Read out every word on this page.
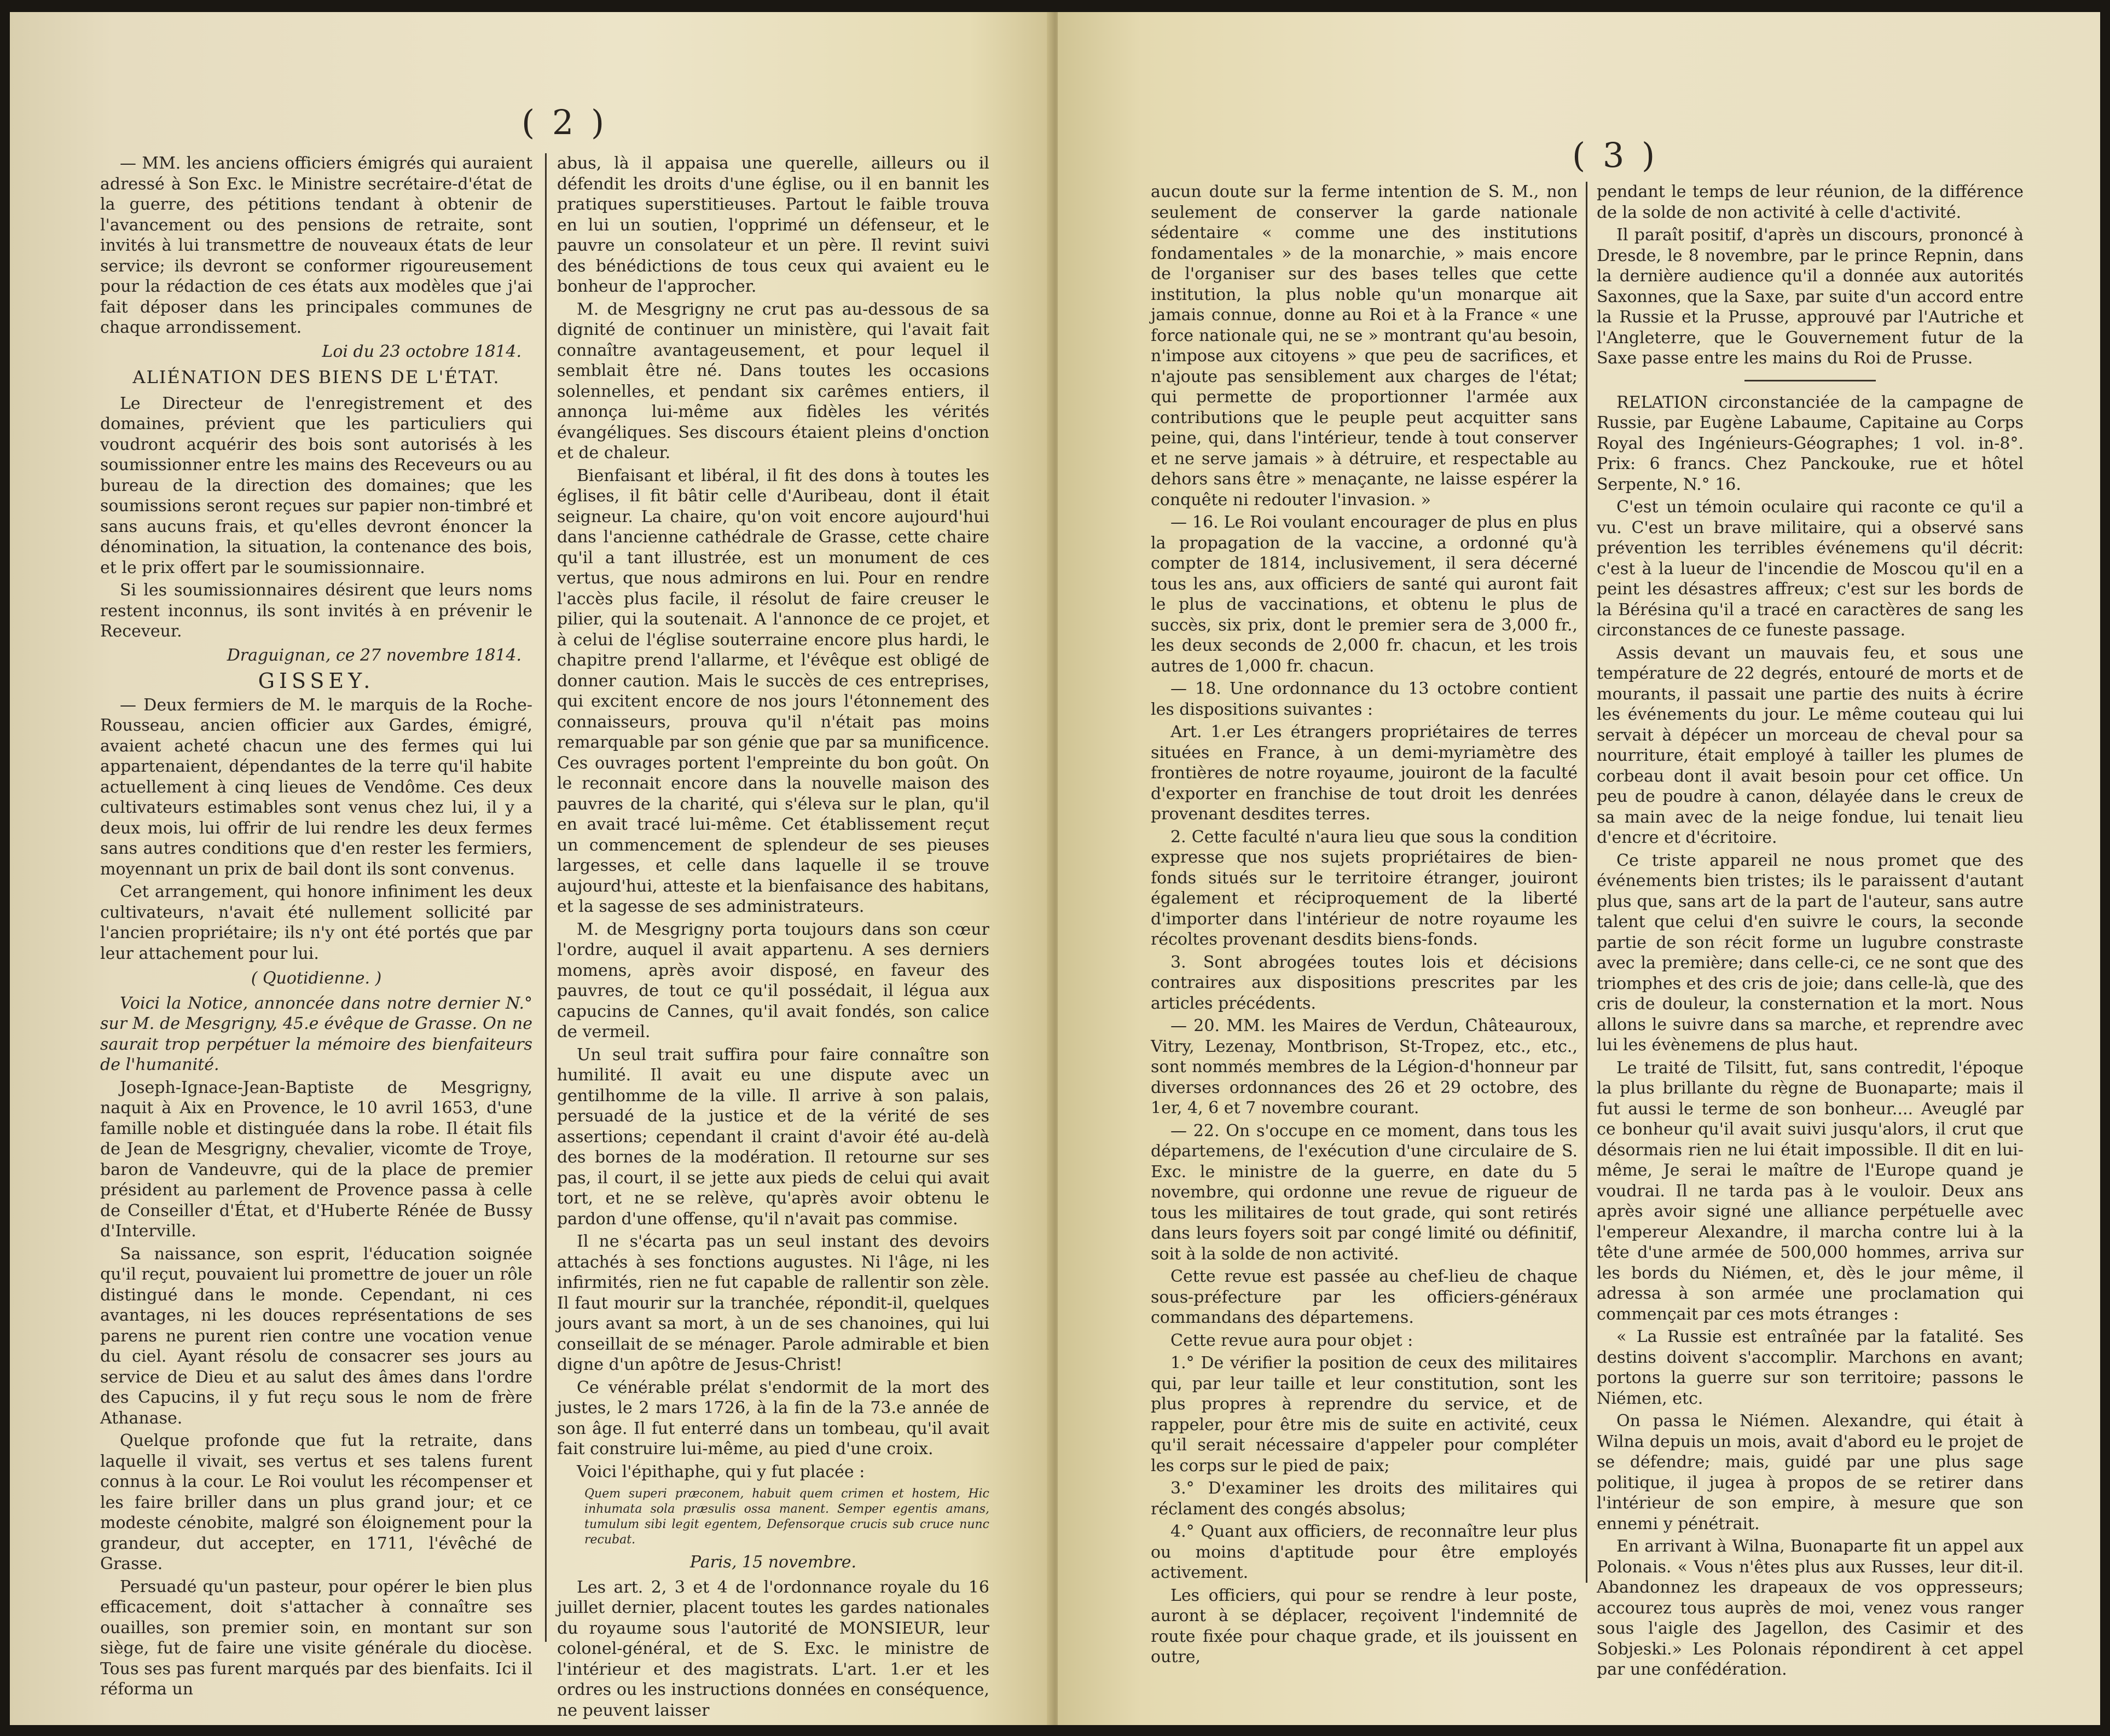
( 2 )

— MM. les anciens officiers émigrés qui auraient adressé à Son Exc. le Ministre secrétaire-d'état de la guerre, des pétitions tendant à obtenir de l'avancement ou des pensions de retraite, sont invités à lui transmettre de nouveaux états de leur service; ils devront se conformer rigoureusement pour la rédaction de ces états aux modèles que j'ai fait déposer dans les principales communes de chaque arrondissement.

Loi du 23 octobre 1814.

ALIÉNATION DES BIENS DE L'ÉTAT.

Le Directeur de l'enregistrement et des domaines, prévient que les particuliers qui voudront acquérir des bois sont autorisés à les soumissionner entre les mains des Receveurs ou au bureau de la direction des domaines; que les soumissions seront reçues sur papier non-timbré et sans aucuns frais, et qu'elles devront énoncer la dénomination, la situation, la contenance des bois, et le prix offert par le soumissionnaire.

Si les soumissionnaires désirent que leurs noms restent inconnus, ils sont invités à en prévenir le Receveur.

Draguignan, ce 27 novembre 1814.

GISSEY.

— Deux fermiers de M. le marquis de la Roche-Rousseau, ancien officier aux Gardes, émigré, avaient acheté chacun une des fermes qui lui appartenaient, dépendantes de la terre qu'il habite actuellement à cinq lieues de Vendôme. Ces deux cultivateurs estimables sont venus chez lui, il y a deux mois, lui offrir de lui rendre les deux fermes sans autres conditions que d'en rester les fermiers, moyennant un prix de bail dont ils sont convenus.

Cet arrangement, qui honore infiniment les deux cultivateurs, n'avait été nullement sollicité par l'ancien propriétaire; ils n'y ont été portés que par leur attachement pour lui.

( Quotidienne. )

Voici la Notice, annoncée dans notre dernier N.° sur M. de Mesgrigny, 45.e évêque de Grasse. On ne saurait trop perpétuer la mémoire des bienfaiteurs de l'humanité.

Joseph-Ignace-Jean-Baptiste de Mesgrigny, naquit à Aix en Provence, le 10 avril 1653, d'une famille noble et distinguée dans la robe. Il était fils de Jean de Mesgrigny, chevalier, vicomte de Troye, baron de Vandeuvre, qui de la place de premier président au parlement de Provence passa à celle de Conseiller d'État, et d'Huberte Rénée de Bussy d'Interville.

Sa naissance, son esprit, l'éducation soignée qu'il reçut, pouvaient lui promettre de jouer un rôle distingué dans le monde. Cependant, ni ces avantages, ni les douces représentations de ses parens ne purent rien contre une vocation venue du ciel. Ayant résolu de consacrer ses jours au service de Dieu et au salut des âmes dans l'ordre des Capucins, il y fut reçu sous le nom de frère Athanase.

Quelque profonde que fut la retraite, dans laquelle il vivait, ses vertus et ses talens furent connus à la cour. Le Roi voulut les récompenser et les faire briller dans un plus grand jour; et ce modeste cénobite, malgré son éloignement pour la grandeur, dut accepter, en 1711, l'évêché de Grasse.

Persuadé qu'un pasteur, pour opérer le bien plus efficacement, doit s'attacher à connaître ses ouailles, son premier soin, en montant sur son siège, fut de faire une visite générale du diocèse. Tous ses pas furent marqués par des bienfaits. Ici il réforma un

abus, là il appaisa une querelle, ailleurs ou il défendit les droits d'une église, ou il en bannit les pratiques superstitieuses. Partout le faible trouva en lui un soutien, l'opprimé un défenseur, et le pauvre un consolateur et un père. Il revint suivi des bénédictions de tous ceux qui avaient eu le bonheur de l'approcher.

M. de Mesgrigny ne crut pas au-dessous de sa dignité de continuer un ministère, qui l'avait fait connaître avantageusement, et pour lequel il semblait être né. Dans toutes les occasions solennelles, et pendant six carêmes entiers, il annonça lui-même aux fidèles les vérités évangéliques. Ses discours étaient pleins d'onction et de chaleur.

Bienfaisant et libéral, il fit des dons à toutes les églises, il fit bâtir celle d'Auribeau, dont il était seigneur. La chaire, qu'on voit encore aujourd'hui dans l'ancienne cathédrale de Grasse, cette chaire qu'il a tant illustrée, est un monument de ces vertus, que nous admirons en lui. Pour en rendre l'accès plus facile, il résolut de faire creuser le pilier, qui la soutenait. A l'annonce de ce projet, et à celui de l'église souterraine encore plus hardi, le chapitre prend l'allarme, et l'évêque est obligé de donner caution. Mais le succès de ces entreprises, qui excitent encore de nos jours l'étonnement des connaisseurs, prouva qu'il n'était pas moins remarquable par son génie que par sa munificence. Ces ouvrages portent l'empreinte du bon goût. On le reconnait encore dans la nouvelle maison des pauvres de la charité, qui s'éleva sur le plan, qu'il en avait tracé lui-même. Cet établissement reçut un commencement de splendeur de ses pieuses largesses, et celle dans laquelle il se trouve aujourd'hui, atteste et la bienfaisance des habitans, et la sagesse de ses administrateurs.

M. de Mesgrigny porta toujours dans son cœur l'ordre, auquel il avait appartenu. A ses derniers momens, après avoir disposé, en faveur des pauvres, de tout ce qu'il possédait, il légua aux capucins de Cannes, qu'il avait fondés, son calice de vermeil.

Un seul trait suffira pour faire connaître son humilité. Il avait eu une dispute avec un gentilhomme de la ville. Il arrive à son palais, persuadé de la justice et de la vérité de ses assertions; cependant il craint d'avoir été au-delà des bornes de la modération. Il retourne sur ses pas, il court, il se jette aux pieds de celui qui avait tort, et ne se relève, qu'après avoir obtenu le pardon d'une offense, qu'il n'avait pas commise.

Il ne s'écarta pas un seul instant des devoirs attachés à ses fonctions augustes. Ni l'âge, ni les infirmités, rien ne fut capable de rallentir son zèle. Il faut mourir sur la tranchée, répondit-il, quelques jours avant sa mort, à un de ses chanoines, qui lui conseillait de se ménager. Parole admirable et bien digne d'un apôtre de Jesus-Christ!

Ce vénérable prélat s'endormit de la mort des justes, le 2 mars 1726, à la fin de la 73.e année de son âge. Il fut enterré dans un tombeau, qu'il avait fait construire lui-même, au pied d'une croix.

Voici l'épithaphe, qui y fut placée :

Quem superi præconem, habuit quem crimen et hostem, Hic inhumata sola præsulis ossa manent. Semper egentis amans, tumulum sibi legit egentem, Defensorque crucis sub cruce nunc recubat.

Paris, 15 novembre.

Les art. 2, 3 et 4 de l'ordonnance royale du 16 juillet dernier, placent toutes les gardes nationales du royaume sous l'autorité de MONSIEUR, leur colonel-général, et de S. Exc. le ministre de l'intérieur et des magistrats. L'art. 1.er et les ordres ou les instructions données en conséquence, ne peuvent laisser

( 3 )

aucun doute sur la ferme intention de S. M., non seulement de conserver la garde nationale sédentaire « comme une des institutions fondamentales » de la monarchie, » mais encore de l'organiser sur des bases telles que cette institution, la plus noble qu'un monarque ait jamais connue, donne au Roi et à la France « une force nationale qui, ne se » montrant qu'au besoin, n'impose aux citoyens » que peu de sacrifices, et n'ajoute pas sensiblement aux charges de l'état; qui permette de proportionner l'armée aux contributions que le peuple peut acquitter sans peine, qui, dans l'intérieur, tende à tout conserver et ne serve jamais » à détruire, et respectable au dehors sans être » menaçante, ne laisse espérer la conquête ni redouter l'invasion. »

— 16. Le Roi voulant encourager de plus en plus la propagation de la vaccine, a ordonné qu'à compter de 1814, inclusivement, il sera décerné tous les ans, aux officiers de santé qui auront fait le plus de vaccinations, et obtenu le plus de succès, six prix, dont le premier sera de 3,000 fr., les deux seconds de 2,000 fr. chacun, et les trois autres de 1,000 fr. chacun.

— 18. Une ordonnance du 13 octobre contient les dispositions suivantes :

Art. 1.er Les étrangers propriétaires de terres situées en France, à un demi-myriamètre des frontières de notre royaume, jouiront de la faculté d'exporter en franchise de tout droit les denrées provenant desdites terres.

2. Cette faculté n'aura lieu que sous la condition expresse que nos sujets propriétaires de bien-fonds situés sur le territoire étranger, jouiront également et réciproquement de la liberté d'importer dans l'intérieur de notre royaume les récoltes provenant desdits biens-fonds.

3. Sont abrogées toutes lois et décisions contraires aux dispositions prescrites par les articles précédents.

— 20. MM. les Maires de Verdun, Châteauroux, Vitry, Lezenay, Montbrison, St-Tropez, etc., etc., sont nommés membres de la Légion-d'honneur par diverses ordonnances des 26 et 29 octobre, des 1er, 4, 6 et 7 novembre courant.

— 22. On s'occupe en ce moment, dans tous les départemens, de l'exécution d'une circulaire de S. Exc. le ministre de la guerre, en date du 5 novembre, qui ordonne une revue de rigueur de tous les militaires de tout grade, qui sont retirés dans leurs foyers soit par congé limité ou définitif, soit à la solde de non activité.

Cette revue est passée au chef-lieu de chaque sous-préfecture par les officiers-généraux commandans des départemens.

Cette revue aura pour objet :

1.° De vérifier la position de ceux des militaires qui, par leur taille et leur constitution, sont les plus propres à reprendre du service, et de rappeler, pour être mis de suite en activité, ceux qu'il serait nécessaire d'appeler pour compléter les corps sur le pied de paix;

3.° D'examiner les droits des militaires qui réclament des congés absolus;

4.° Quant aux officiers, de reconnaître leur plus ou moins d'aptitude pour être employés activement.

Les officiers, qui pour se rendre à leur poste, auront à se déplacer, reçoivent l'indemnité de route fixée pour chaque grade, et ils jouissent en outre,

pendant le temps de leur réunion, de la différence de la solde de non activité à celle d'activité.

Il paraît positif, d'après un discours, prononcé à Dresde, le 8 novembre, par le prince Repnin, dans la dernière audience qu'il a donnée aux autorités Saxonnes, que la Saxe, par suite d'un accord entre la Russie et la Prusse, approuvé par l'Autriche et l'Angleterre, que le Gouvernement futur de la Saxe passe entre les mains du Roi de Prusse.

RELATION circonstanciée de la campagne de Russie, par Eugène Labaume, Capitaine au Corps Royal des Ingénieurs-Géographes; 1 vol. in-8°. Prix: 6 francs. Chez Panckouke, rue et hôtel Serpente, N.° 16.

C'est un témoin oculaire qui raconte ce qu'il a vu. C'est un brave militaire, qui a observé sans prévention les terribles événemens qu'il décrit: c'est à la lueur de l'incendie de Moscou qu'il en a peint les désastres affreux; c'est sur les bords de la Bérésina qu'il a tracé en caractères de sang les circonstances de ce funeste passage.

Assis devant un mauvais feu, et sous une température de 22 degrés, entouré de morts et de mourants, il passait une partie des nuits à écrire les événements du jour. Le même couteau qui lui servait à dépécer un morceau de cheval pour sa nourriture, était employé à tailler les plumes de corbeau dont il avait besoin pour cet office. Un peu de poudre à canon, délayée dans le creux de sa main avec de la neige fondue, lui tenait lieu d'encre et d'écritoire.

Ce triste appareil ne nous promet que des événements bien tristes; ils le paraissent d'autant plus que, sans art de la part de l'auteur, sans autre talent que celui d'en suivre le cours, la seconde partie de son récit forme un lugubre constraste avec la première; dans celle-ci, ce ne sont que des triomphes et des cris de joie; dans celle-là, que des cris de douleur, la consternation et la mort. Nous allons le suivre dans sa marche, et reprendre avec lui les évènemens de plus haut.

Le traité de Tilsitt, fut, sans contredit, l'époque la plus brillante du règne de Buonaparte; mais il fut aussi le terme de son bonheur.... Aveuglé par ce bonheur qu'il avait suivi jusqu'alors, il crut que désormais rien ne lui était impossible. Il dit en lui-même, Je serai le maître de l'Europe quand je voudrai. Il ne tarda pas à le vouloir. Deux ans après avoir signé une alliance perpétuelle avec l'empereur Alexandre, il marcha contre lui à la tête d'une armée de 500,000 hommes, arriva sur les bords du Niémen, et, dès le jour même, il adressa à son armée une proclamation qui commençait par ces mots étranges :

« La Russie est entraînée par la fatalité. Ses destins doivent s'accomplir. Marchons en avant; portons la guerre sur son territoire; passons le Niémen, etc.

On passa le Niémen. Alexandre, qui était à Wilna depuis un mois, avait d'abord eu le projet de se défendre; mais, guidé par une plus sage politique, il jugea à propos de se retirer dans l'intérieur de son empire, à mesure que son ennemi y pénétrait.

En arrivant à Wilna, Buonaparte fit un appel aux Polonais. « Vous n'êtes plus aux Russes, leur dit-il. Abandonnez les drapeaux de vos oppresseurs; accourez tous auprès de moi, venez vous ranger sous l'aigle des Jagellon, des Casimir et des Sobjeski.» Les Polonais répondirent à cet appel par une confédération.
